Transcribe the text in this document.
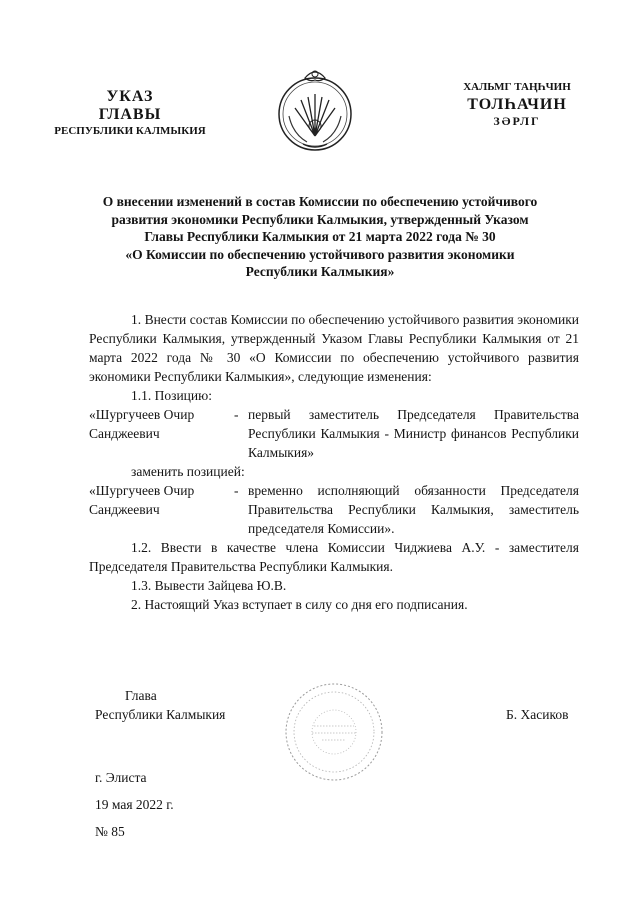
УКАЗ
ГЛАВЫ
РЕСПУБЛИКИ КАЛМЫКИЯ
ХАЛЬМГ ТАҢҺЧИН
ТОЛҺАЧИН
ЗӘРЛГ
О внесении изменений в состав Комиссии по обеспечению устойчивого
развития экономики Республики Калмыкия, утвержденный Указом
Главы Республики Калмыкия от 21 марта 2022 года № 30
«О Комиссии по обеспечению устойчивого развития экономики
Республики Калмыкия»

1. Внести состав Комиссии по обеспечению устойчивого развития экономики Республики Калмыкия, утвержденный Указом Главы Республики Калмыкия от 21 марта 2022 года № 30 «О Комиссии по обеспечению устойчивого развития экономики Республики Калмыкия», следующие изменения:

1.1. Позицию:

«Шургучеев Очир
Санджеевич
- первый заместитель Председателя Правительства Республики Калмыкия - Министр финансов Республики Калмыкия»

заменить позицией:

«Шургучеев Очир
Санджеевич
- временно исполняющий обязанности Председателя Правительства Республики Калмыкия, заместитель председателя Комиссии».

1.2. Ввести в качестве члена Комиссии Чиджиева А.У. - заместителя Председателя Правительства Республики Калмыкия.

1.3. Вывести Зайцева Ю.В.

2. Настоящий Указ вступает в силу со дня его подписания.

Глава
Республики Калмыкия	Б. Хасиков
г. Элиста
19 мая 2022 г.
№ 85
